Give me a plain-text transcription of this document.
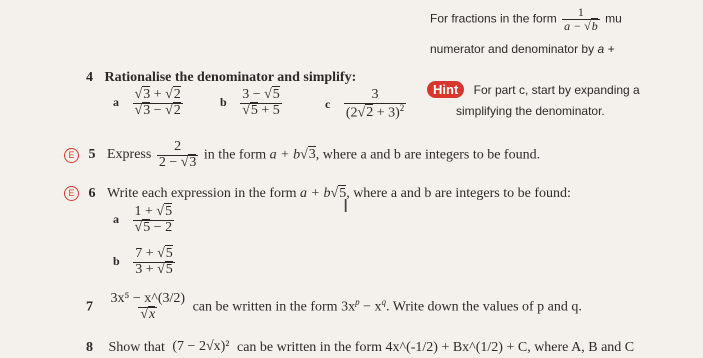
For fractions in the form $\frac{1}{a - √b}$ mu
numerator and denominator by a +
4 Rationalise the denominator and simplify:
a $\frac{√3 + √2}{√3 - √2}$	b $\frac{3 - √5}{√5 + 5}$	c $\frac{3}{(2√2 + 3)^2}$	Hint For part c, start by expanding a
simplifying the denominator.
E 5 Express $\frac{2}{2 - √3}$ in the form a + b√3, where a and b are integers to be found.
E 6 Write each expression in the form a + b√5, where a and b are integers to be found:
a $\frac{1 + √5}{√5 - 2}$	I
b $\frac{7 + √5}{3 + √5}$
$7 \frac{\text{3x⁵ − x\textasciicircum{}(3/2)}}{√x}$ can be written in the form $3x^p - x^q$. Write down the values of p and q.
8 Show that (7 − 2√x)² can be written in the form 4x^(-1/2) + Bx^(1/2) + C, where A, B and C
